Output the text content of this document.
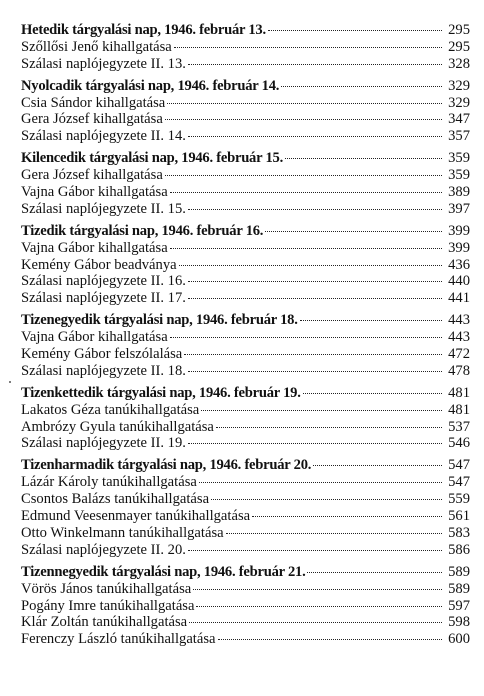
Hetedik tárgyalási nap, 1946. február 13.	295
Szőllősi Jenő kihallgatása	295
Szálasi naplójegyzete II. 13.	328
Nyolcadik tárgyalási nap, 1946. február 14.	329
Csia Sándor kihallgatása	329
Gera József kihallgatása	347
Szálasi naplójegyzete II. 14.	357
Kilencedik tárgyalási nap, 1946. február 15.	359
Gera József kihallgatása	359
Vajna Gábor kihallgatása	389
Szálasi naplójegyzete II. 15.	397
Tizedik tárgyalási nap, 1946. február 16.	399
Vajna Gábor kihallgatása	399
Kemény Gábor beadványa	436
Szálasi naplójegyzete II. 16.	440
Szálasi naplójegyzete II. 17.	441
Tizenegyedik tárgyalási nap, 1946. február 18.	443
Vajna Gábor kihallgatása	443
Kemény Gábor felszólalása	472
Szálasi naplójegyzete II. 18.	478
Tizenkettedik tárgyalási nap, 1946. február 19.	481
Lakatos Géza tanúkihallgatása	481
Ambrózy Gyula tanúkihallgatása	537
Szálasi naplójegyzete II. 19.	546
Tizenharmadik tárgyalási nap, 1946. február 20.	547
Lázár Károly tanúkihallgatása	547
Csontos Balázs tanúkihallgatása	559
Edmund Veesenmayer tanúkihallgatása	561
Otto Winkelmann tanúkihallgatása	583
Szálasi naplójegyzete II. 20.	586
Tizennegyedik tárgyalási nap, 1946. február 21.	589
Vörös János tanúkihallgatása	589
Pogány Imre tanúkihallgatása	597
Klár Zoltán tanúkihallgatása	598
Ferenczy László tanúkihallgatása	600
